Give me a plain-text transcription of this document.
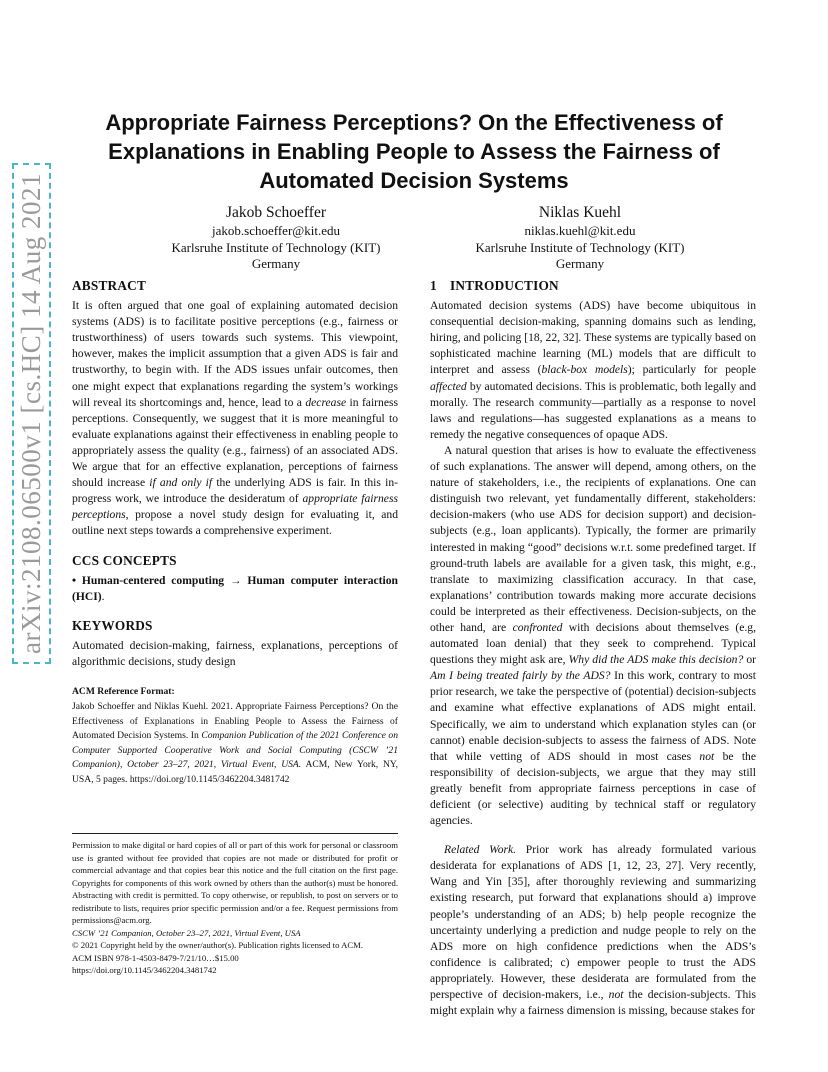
arXiv:2108.06500v1 [cs.HC] 14 Aug 2021
Appropriate Fairness Perceptions? On the Effectiveness of
Explanations in Enabling People to Assess the Fairness of
Automated Decision Systems
Jakob Schoeffer
jakob.schoeffer@kit.edu
Karlsruhe Institute of Technology (KIT)
Germany
Niklas Kuehl
niklas.kuehl@kit.edu
Karlsruhe Institute of Technology (KIT)
Germany
ABSTRACT

It is often argued that one goal of explaining automated decision systems (ADS) is to facilitate positive perceptions (e.g., fairness or trustworthiness) of users towards such systems. This viewpoint, however, makes the implicit assumption that a given ADS is fair and trustworthy, to begin with. If the ADS issues unfair outcomes, then one might expect that explanations regarding the system’s workings will reveal its shortcomings and, hence, lead to a decrease in fairness perceptions. Consequently, we suggest that it is more meaningful to evaluate explanations against their effectiveness in enabling people to appropriately assess the quality (e.g., fairness) of an associated ADS. We argue that for an effective explanation, perceptions of fairness should increase if and only if the underlying ADS is fair. In this in-progress work, we introduce the desideratum of appropriate fairness perceptions, propose a novel study design for evaluating it, and outline next steps towards a comprehensive experiment.

CCS CONCEPTS

• Human-centered computing → Human computer interaction (HCI).

KEYWORDS

Automated decision-making, fairness, explanations, perceptions of algorithmic decisions, study design

ACM Reference Format:

Jakob Schoeffer and Niklas Kuehl. 2021. Appropriate Fairness Perceptions? On the Effectiveness of Explanations in Enabling People to Assess the Fairness of Automated Decision Systems. In Companion Publication of the 2021 Conference on Computer Supported Cooperative Work and Social Computing (CSCW ’21 Companion), October 23–27, 2021, Virtual Event, USA. ACM, New York, NY, USA, 5 pages. https://doi.org/10.1145/3462204.3481742

Permission to make digital or hard copies of all or part of this work for personal or classroom use is granted without fee provided that copies are not made or distributed for profit or commercial advantage and that copies bear this notice and the full citation on the first page. Copyrights for components of this work owned by others than the author(s) must be honored. Abstracting with credit is permitted. To copy otherwise, or republish, to post on servers or to redistribute to lists, requires prior specific permission and/or a fee. Request permissions from permissions@acm.org.

CSCW ’21 Companion, October 23–27, 2021, Virtual Event, USA

© 2021 Copyright held by the owner/author(s). Publication rights licensed to ACM.

ACM ISBN 978-1-4503-8479-7/21/10…$15.00

https://doi.org/10.1145/3462204.3481742

1 INTRODUCTION

Automated decision systems (ADS) have become ubiquitous in consequential decision-making, spanning domains such as lending, hiring, and policing [18, 22, 32]. These systems are typically based on sophisticated machine learning (ML) models that are difficult to interpret and assess (black-box models); particularly for people affected by automated decisions. This is problematic, both legally and morally. The research community—partially as a response to novel laws and regulations—has suggested explanations as a means to remedy the negative consequences of opaque ADS.

A natural question that arises is how to evaluate the effectiveness of such explanations. The answer will depend, among others, on the nature of stakeholders, i.e., the recipients of explanations. One can distinguish two relevant, yet fundamentally different, stakeholders: decision-makers (who use ADS for decision support) and decision-subjects (e.g., loan applicants). Typically, the former are primarily interested in making “good” decisions w.r.t. some predefined target. If ground-truth labels are available for a given task, this might, e.g., translate to maximizing classification accuracy. In that case, explanations’ contribution towards making more accurate decisions could be interpreted as their effectiveness. Decision-subjects, on the other hand, are confronted with decisions about themselves (e.g, automated loan denial) that they seek to comprehend. Typical questions they might ask are, Why did the ADS make this decision? or Am I being treated fairly by the ADS? In this work, contrary to most prior research, we take the perspective of (potential) decision-subjects and examine what effective explanations of ADS might entail. Specifically, we aim to understand which explanation styles can (or cannot) enable decision-subjects to assess the fairness of ADS. Note that while vetting of ADS should in most cases not be the responsibility of decision-subjects, we argue that they may still greatly benefit from appropriate fairness perceptions in case of deficient (or selective) auditing by technical staff or regulatory agencies.

Related Work. Prior work has already formulated various desiderata for explanations of ADS [1, 12, 23, 27]. Very recently, Wang and Yin [35], after thoroughly reviewing and summarizing existing research, put forward that explanations should a) improve people’s understanding of an ADS; b) help people recognize the uncertainty underlying a prediction and nudge people to rely on the ADS more on high confidence predictions when the ADS’s confidence is calibrated; c) empower people to trust the ADS appropriately. However, these desiderata are formulated from the perspective of decision-makers, i.e., not the decision-subjects. This might explain why a fairness dimension is missing, because stakes for
